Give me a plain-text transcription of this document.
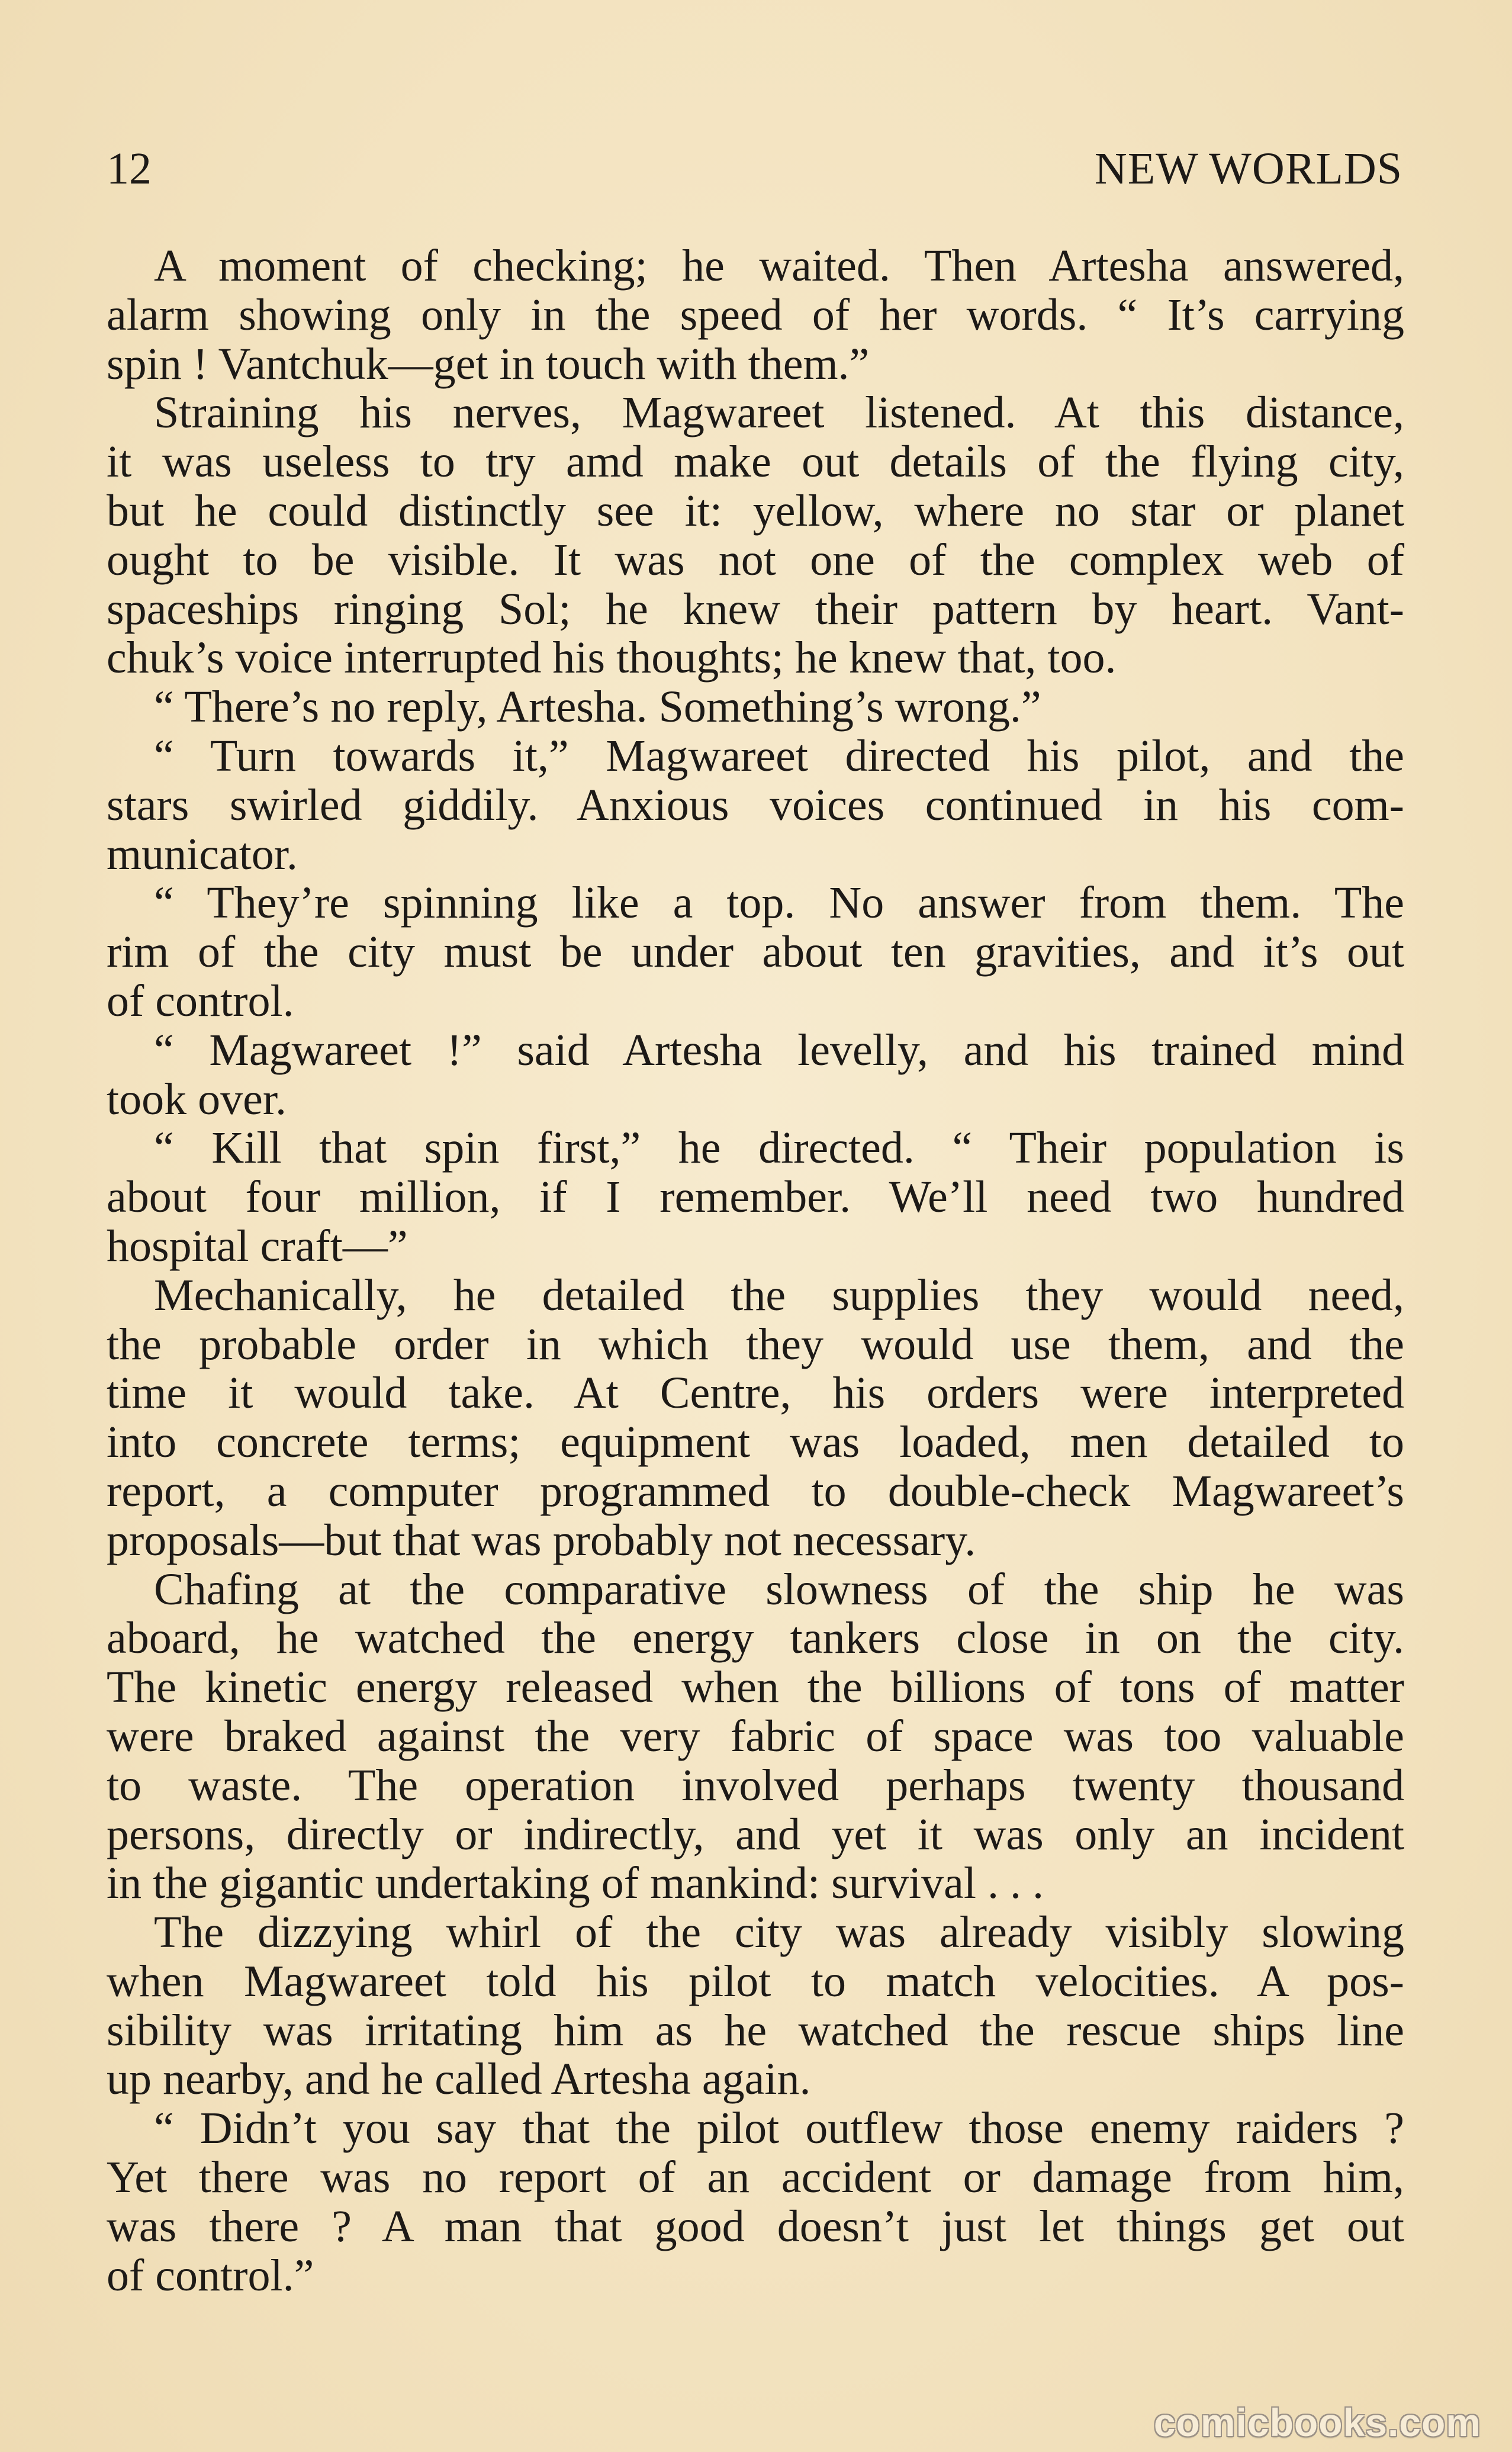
12	NEW WORLDS
A moment of checking; he waited. Then Artesha answered,
alarm showing only in the speed of her words. “ It’s carrying
spin ! Vantchuk—get in touch with them.”
Straining his nerves, Magwareet listened. At this distance,
it was useless to try amd make out details of the flying city,
but he could distinctly see it: yellow, where no star or planet
ought to be visible. It was not one of the complex web of
spaceships ringing Sol; he knew their pattern by heart. Vant-
chuk’s voice interrupted his thoughts; he knew that, too.
“ There’s no reply, Artesha. Something’s wrong.”
“ Turn towards it,” Magwareet directed his pilot, and the
stars swirled giddily. Anxious voices continued in his com-
municator.
“ They’re spinning like a top. No answer from them. The
rim of the city must be under about ten gravities, and it’s out
of control.
“ Magwareet !” said Artesha levelly, and his trained mind
took over.
“ Kill that spin first,” he directed. “ Their population is
about four million, if I remember. We’ll need two hundred
hospital craft—”
Mechanically, he detailed the supplies they would need,
the probable order in which they would use them, and the
time it would take. At Centre, his orders were interpreted
into concrete terms; equipment was loaded, men detailed to
report, a computer programmed to double-check Magwareet’s
proposals—but that was probably not necessary.
Chafing at the comparative slowness of the ship he was
aboard, he watched the energy tankers close in on the city.
The kinetic energy released when the billions of tons of matter
were braked against the very fabric of space was too valuable
to waste. The operation involved perhaps twenty thousand
persons, directly or indirectly, and yet it was only an incident
in the gigantic undertaking of mankind: survival . . .
The dizzying whirl of the city was already visibly slowing
when Magwareet told his pilot to match velocities. A pos-
sibility was irritating him as he watched the rescue ships line
up nearby, and he called Artesha again.
“ Didn’t you say that the pilot outflew those enemy raiders ?
Yet there was no report of an accident or damage from him,
was there ? A man that good doesn’t just let things get out
of control.”
comicbooks.com
